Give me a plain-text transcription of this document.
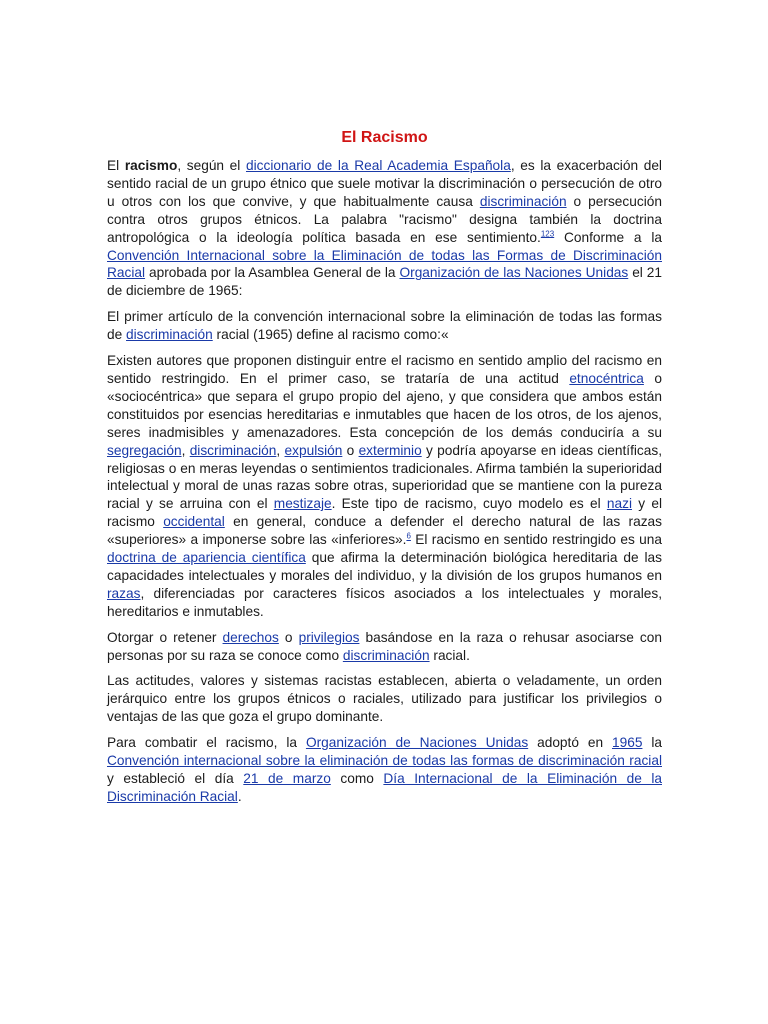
El Racismo

El racismo, según el diccionario de la Real Academia Española, es la exacerbación del sentido racial de un grupo étnico que suele motivar la discriminación o persecución de otro u otros con los que convive, y que habitualmente causa discriminación o persecución contra otros grupos étnicos. La palabra "racismo" designa también la doctrina antropológica o la ideología política basada en ese sentimiento.$^{123}$ Conforme a la Convención Internacional sobre la Eliminación de todas las Formas de Discriminación Racial aprobada por la Asamblea General de la Organización de las Naciones Unidas el 21 de diciembre de 1965:

El primer artículo de la convención internacional sobre la eliminación de todas las formas de discriminación racial (1965) define al racismo como:«

Existen autores que proponen distinguir entre el racismo en sentido amplio del racismo en sentido restringido. En el primer caso, se trataría de una actitud etnocéntrica o «sociocéntrica» que separa el grupo propio del ajeno, y que considera que ambos están constituidos por esencias hereditarias e inmutables que hacen de los otros, de los ajenos, seres inadmisibles y amenazadores. Esta concepción de los demás conduciría a su segregación, discriminación, expulsión o exterminio y podría apoyarse en ideas científicas, religiosas o en meras leyendas o sentimientos tradicionales. Afirma también la superioridad intelectual y moral de unas razas sobre otras, superioridad que se mantiene con la pureza racial y se arruina con el mestizaje. Este tipo de racismo, cuyo modelo es el nazi y el racismo occidental en general, conduce a defender el derecho natural de las razas «superiores» a imponerse sobre las «inferiores».$^6$ El racismo en sentido restringido es una doctrina de apariencia científica que afirma la determinación biológica hereditaria de las capacidades intelectuales y morales del individuo, y la división de los grupos humanos en razas, diferenciadas por caracteres físicos asociados a los intelectuales y morales, hereditarios e inmutables.

Otorgar o retener derechos o privilegios basándose en la raza o rehusar asociarse con personas por su raza se conoce como discriminación racial.

Las actitudes, valores y sistemas racistas establecen, abierta o veladamente, un orden jerárquico entre los grupos étnicos o raciales, utilizado para justificar los privilegios o ventajas de las que goza el grupo dominante.

Para combatir el racismo, la Organización de Naciones Unidas adoptó en 1965 la Convención internacional sobre la eliminación de todas las formas de discriminación racial y estableció el día 21 de marzo como Día Internacional de la Eliminación de la Discriminación Racial.
